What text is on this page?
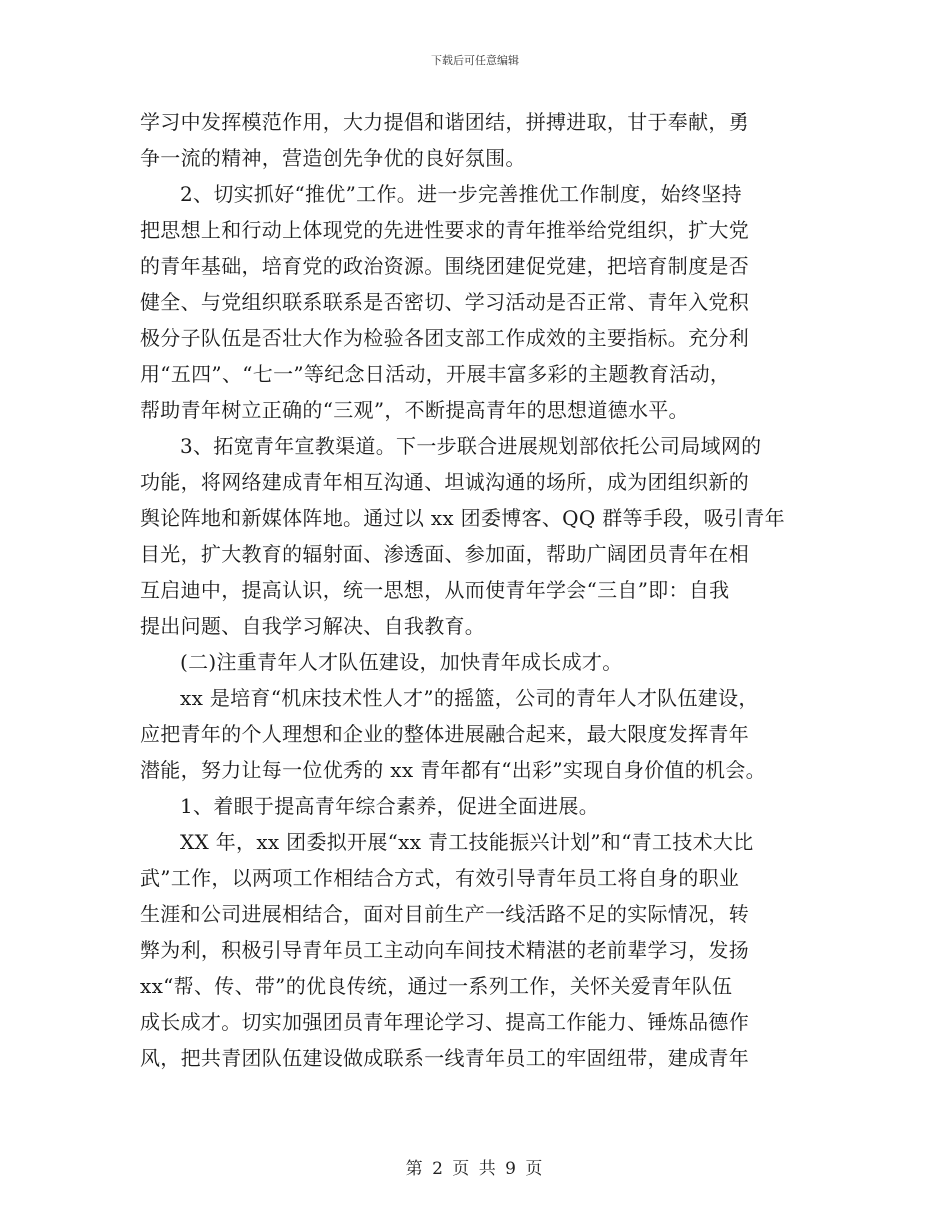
下载后可任意编辑
学习中发挥模范作用，大力提倡和谐团结，拼搏进取，甘于奉献，勇
争一流的精神，营造创先争优的良好氛围。
2、切实抓好“推优”工作。进一步完善推优工作制度，始终坚持
把思想上和行动上体现党的先进性要求的青年推举给党组织，扩大党
的青年基础，培育党的政治资源。围绕团建促党建，把培育制度是否
健全、与党组织联系联系是否密切、学习活动是否正常、青年入党积
极分子队伍是否壮大作为检验各团支部工作成效的主要指标。充分利
用“五四”、“七一”等纪念日活动，开展丰富多彩的主题教育活动，
帮助青年树立正确的“三观”，不断提高青年的思想道德水平。
3、拓宽青年宣教渠道。下一步联合进展规划部依托公司局域网的
功能，将网络建成青年相互沟通、坦诚沟通的场所，成为团组织新的
舆论阵地和新媒体阵地。通过以 xx 团委博客、QQ 群等手段，吸引青年
目光，扩大教育的辐射面、渗透面、参加面，帮助广阔团员青年在相
互启迪中，提高认识，统一思想，从而使青年学会“三自”即：自我
提出问题、自我学习解决、自我教育。
(二)注重青年人才队伍建设，加快青年成长成才。
xx 是培育“机床技术性人才”的摇篮，公司的青年人才队伍建设，
应把青年的个人理想和企业的整体进展融合起来，最大限度发挥青年
潜能，努力让每一位优秀的 xx 青年都有“出彩”实现自身价值的机会。
1、着眼于提高青年综合素养，促进全面进展。
XX 年，xx 团委拟开展“xx 青工技能振兴计划”和“青工技术大比
武”工作，以两项工作相结合方式，有效引导青年员工将自身的职业
生涯和公司进展相结合，面对目前生产一线活路不足的实际情况，转
弊为利，积极引导青年员工主动向车间技术精湛的老前辈学习，发扬
xx“帮、传、带”的优良传统，通过一系列工作，关怀关爱青年队伍
成长成才。切实加强团员青年理论学习、提高工作能力、锤炼品德作
风，把共青团队伍建设做成联系一线青年员工的牢固纽带，建成青年
第 2 页 共 9 页
